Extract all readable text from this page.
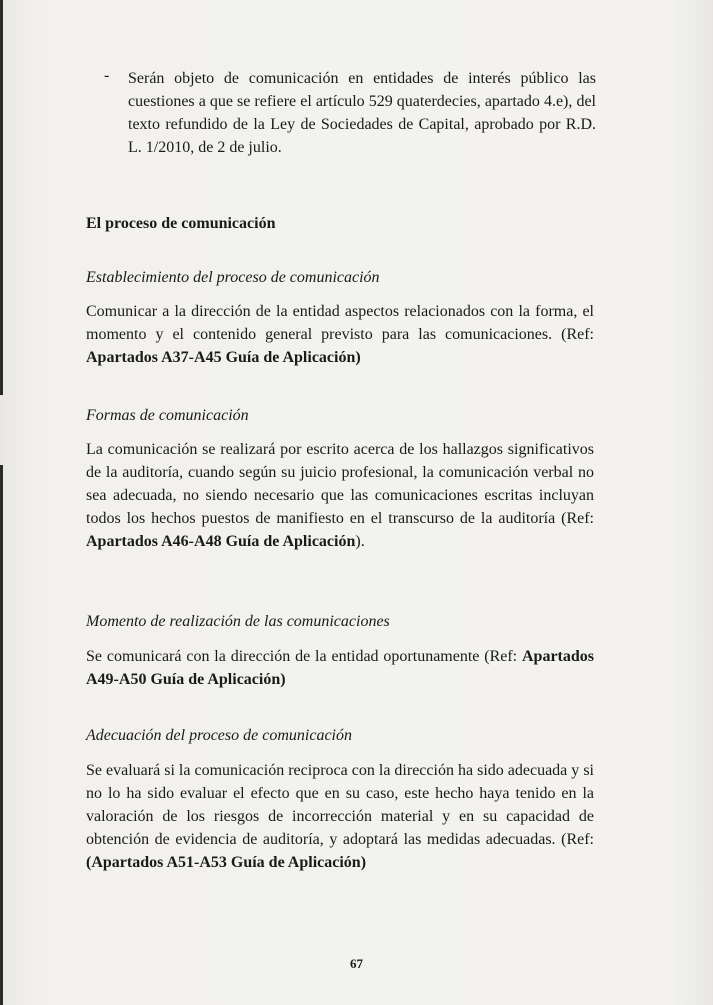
- Serán objeto de comunicación en entidades de interés público las cuestiones a que se refiere el artículo 529 quaterdecies, apartado 4.e), del texto refundido de la Ley de Sociedades de Capital, aprobado por R.D. L. 1/2010, de 2 de julio.
El proceso de comunicación
Establecimiento del proceso de comunicación
Comunicar a la dirección de la entidad aspectos relacionados con la forma, el momento y el contenido general previsto para las comunicaciones. (Ref: Apartados A37-A45 Guía de Aplicación)
Formas de comunicación
La comunicación se realizará por escrito acerca de los hallazgos significativos de la auditoría, cuando según su juicio profesional, la comunicación verbal no sea adecuada, no siendo necesario que las comunicaciones escritas incluyan todos los hechos puestos de manifiesto en el transcurso de la auditoría (Ref: Apartados A46-A48 Guía de Aplicación).
Momento de realización de las comunicaciones
Se comunicará con la dirección de la entidad oportunamente (Ref: Apartados A49-A50 Guía de Aplicación)
Adecuación del proceso de comunicación
Se evaluará si la comunicación reciproca con la dirección ha sido adecuada y si no lo ha sido evaluar el efecto que en su caso, este hecho haya tenido en la valoración de los riesgos de incorrección material y en su capacidad de obtención de evidencia de auditoría, y adoptará las medidas adecuadas. (Ref: (Apartados A51-A53 Guía de Aplicación)
67
